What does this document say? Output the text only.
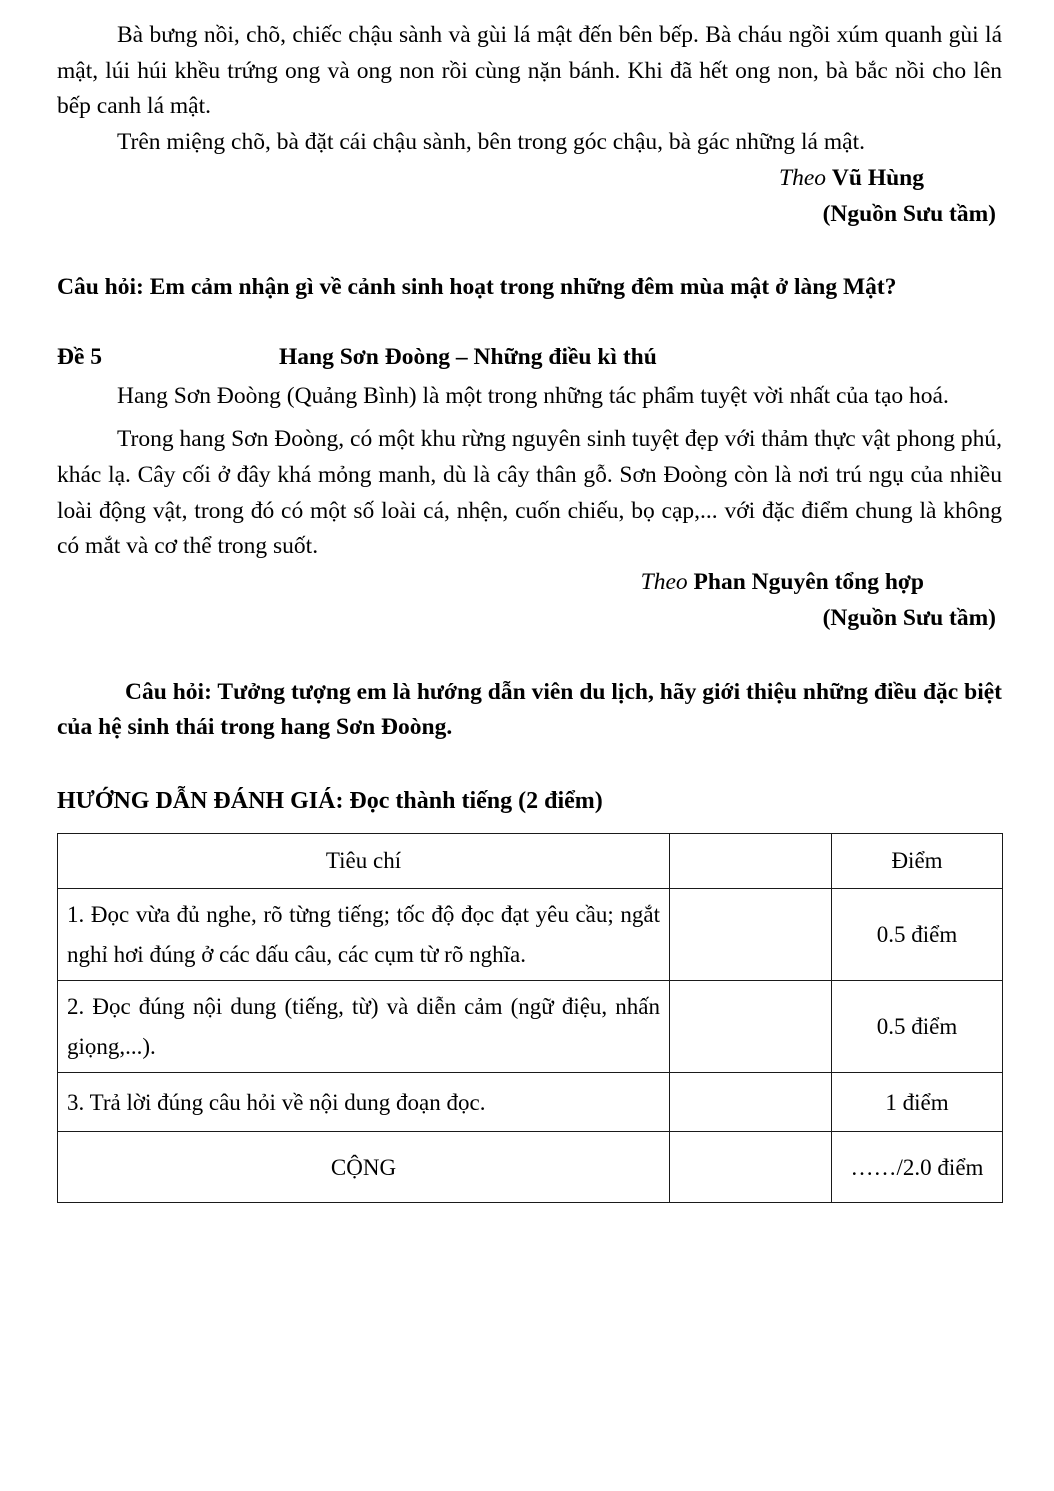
Bà bưng nồi, chõ, chiếc chậu sành và gùi lá mật đến bên bếp. Bà cháu ngồi xúm quanh gùi lá mật, lúi húi khều trứng ong và ong non rồi cùng nặn bánh. Khi đã hết ong non, bà bắc nồi cho lên bếp canh lá mật.
Trên miệng chõ, bà đặt cái chậu sành, bên trong góc chậu, bà gác những lá mật.
Theo Vũ Hùng
(Nguồn Sưu tầm)
Câu hỏi: Em cảm nhận gì về cảnh sinh hoạt trong những đêm mùa mật ở làng Mật?
Đề 5	Hang Sơn Đoòng – Những điều kì thú
Hang Sơn Đoòng (Quảng Bình) là một trong những tác phẩm tuyệt vời nhất của tạo hoá.
Trong hang Sơn Đoòng, có một khu rừng nguyên sinh tuyệt đẹp với thảm thực vật phong phú, khác lạ. Cây cối ở đây khá mỏng manh, dù là cây thân gỗ. Sơn Đoòng còn là nơi trú ngụ của nhiều loài động vật, trong đó có một số loài cá, nhện, cuốn chiếu, bọ cạp,... với đặc điểm chung là không có mắt và cơ thể trong suốt.
Theo Phan Nguyên tổng hợp
(Nguồn Sưu tầm)
Câu hỏi: Tưởng tượng em là hướng dẫn viên du lịch, hãy giới thiệu những điều đặc biệt của hệ sinh thái trong hang Sơn Đoòng.
HƯỚNG DẪN ĐÁNH GIÁ: Đọc thành tiếng (2 điểm)
Tiêu chí		Điểm
1. Đọc vừa đủ nghe, rõ từng tiếng; tốc độ đọc đạt yêu cầu; ngắt nghỉ hơi đúng ở các dấu câu, các cụm từ rõ nghĩa.		0.5 điểm
2. Đọc đúng nội dung (tiếng, từ) và diễn cảm (ngữ điệu, nhấn giọng,...).		0.5 điểm
3. Trả lời đúng câu hỏi về nội dung đoạn đọc.		1 điểm
CỘNG		……/2.0 điểm
